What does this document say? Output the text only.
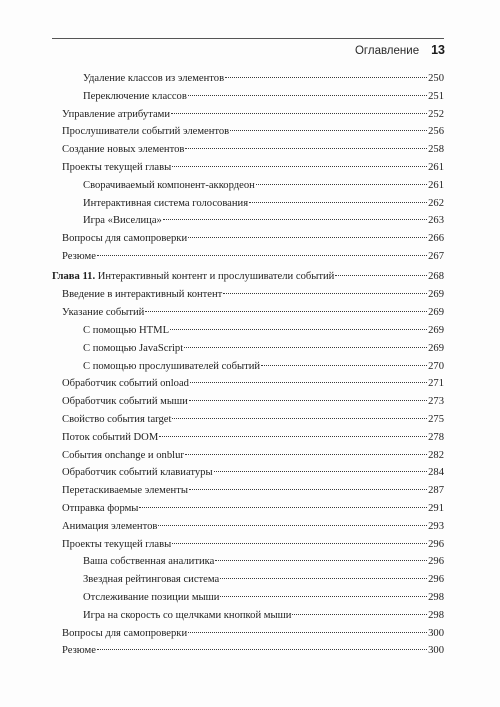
Оглавление 13
Удаление классов из элементов	250
Переключение классов	251
Управление атрибутами	252
Прослушиватели событий элементов	256
Создание новых элементов	258
Проекты текущей главы	261
Сворачиваемый компонент-аккордеон	261
Интерактивная система голосования	262
Игра «Виселица»	263
Вопросы для самопроверки	266
Резюме	267
Глава 11. Интерактивный контент и прослушиватели событий	268
Введение в интерактивный контент	269
Указание событий	269
С помощью HTML	269
С помощью JavaScript	269
С помощью прослушивателей событий	270
Обработчик событий onload	271
Обработчик событий мыши	273
Свойство события target	275
Поток событий DOM	278
События onchange и onblur	282
Обработчик событий клавиатуры	284
Перетаскиваемые элементы	287
Отправка формы	291
Анимация элементов	293
Проекты текущей главы	296
Ваша собственная аналитика	296
Звездная рейтинговая система	296
Отслеживание позиции мыши	298
Игра на скорость со щелчками кнопкой мыши	298
Вопросы для самопроверки	300
Резюме	300
